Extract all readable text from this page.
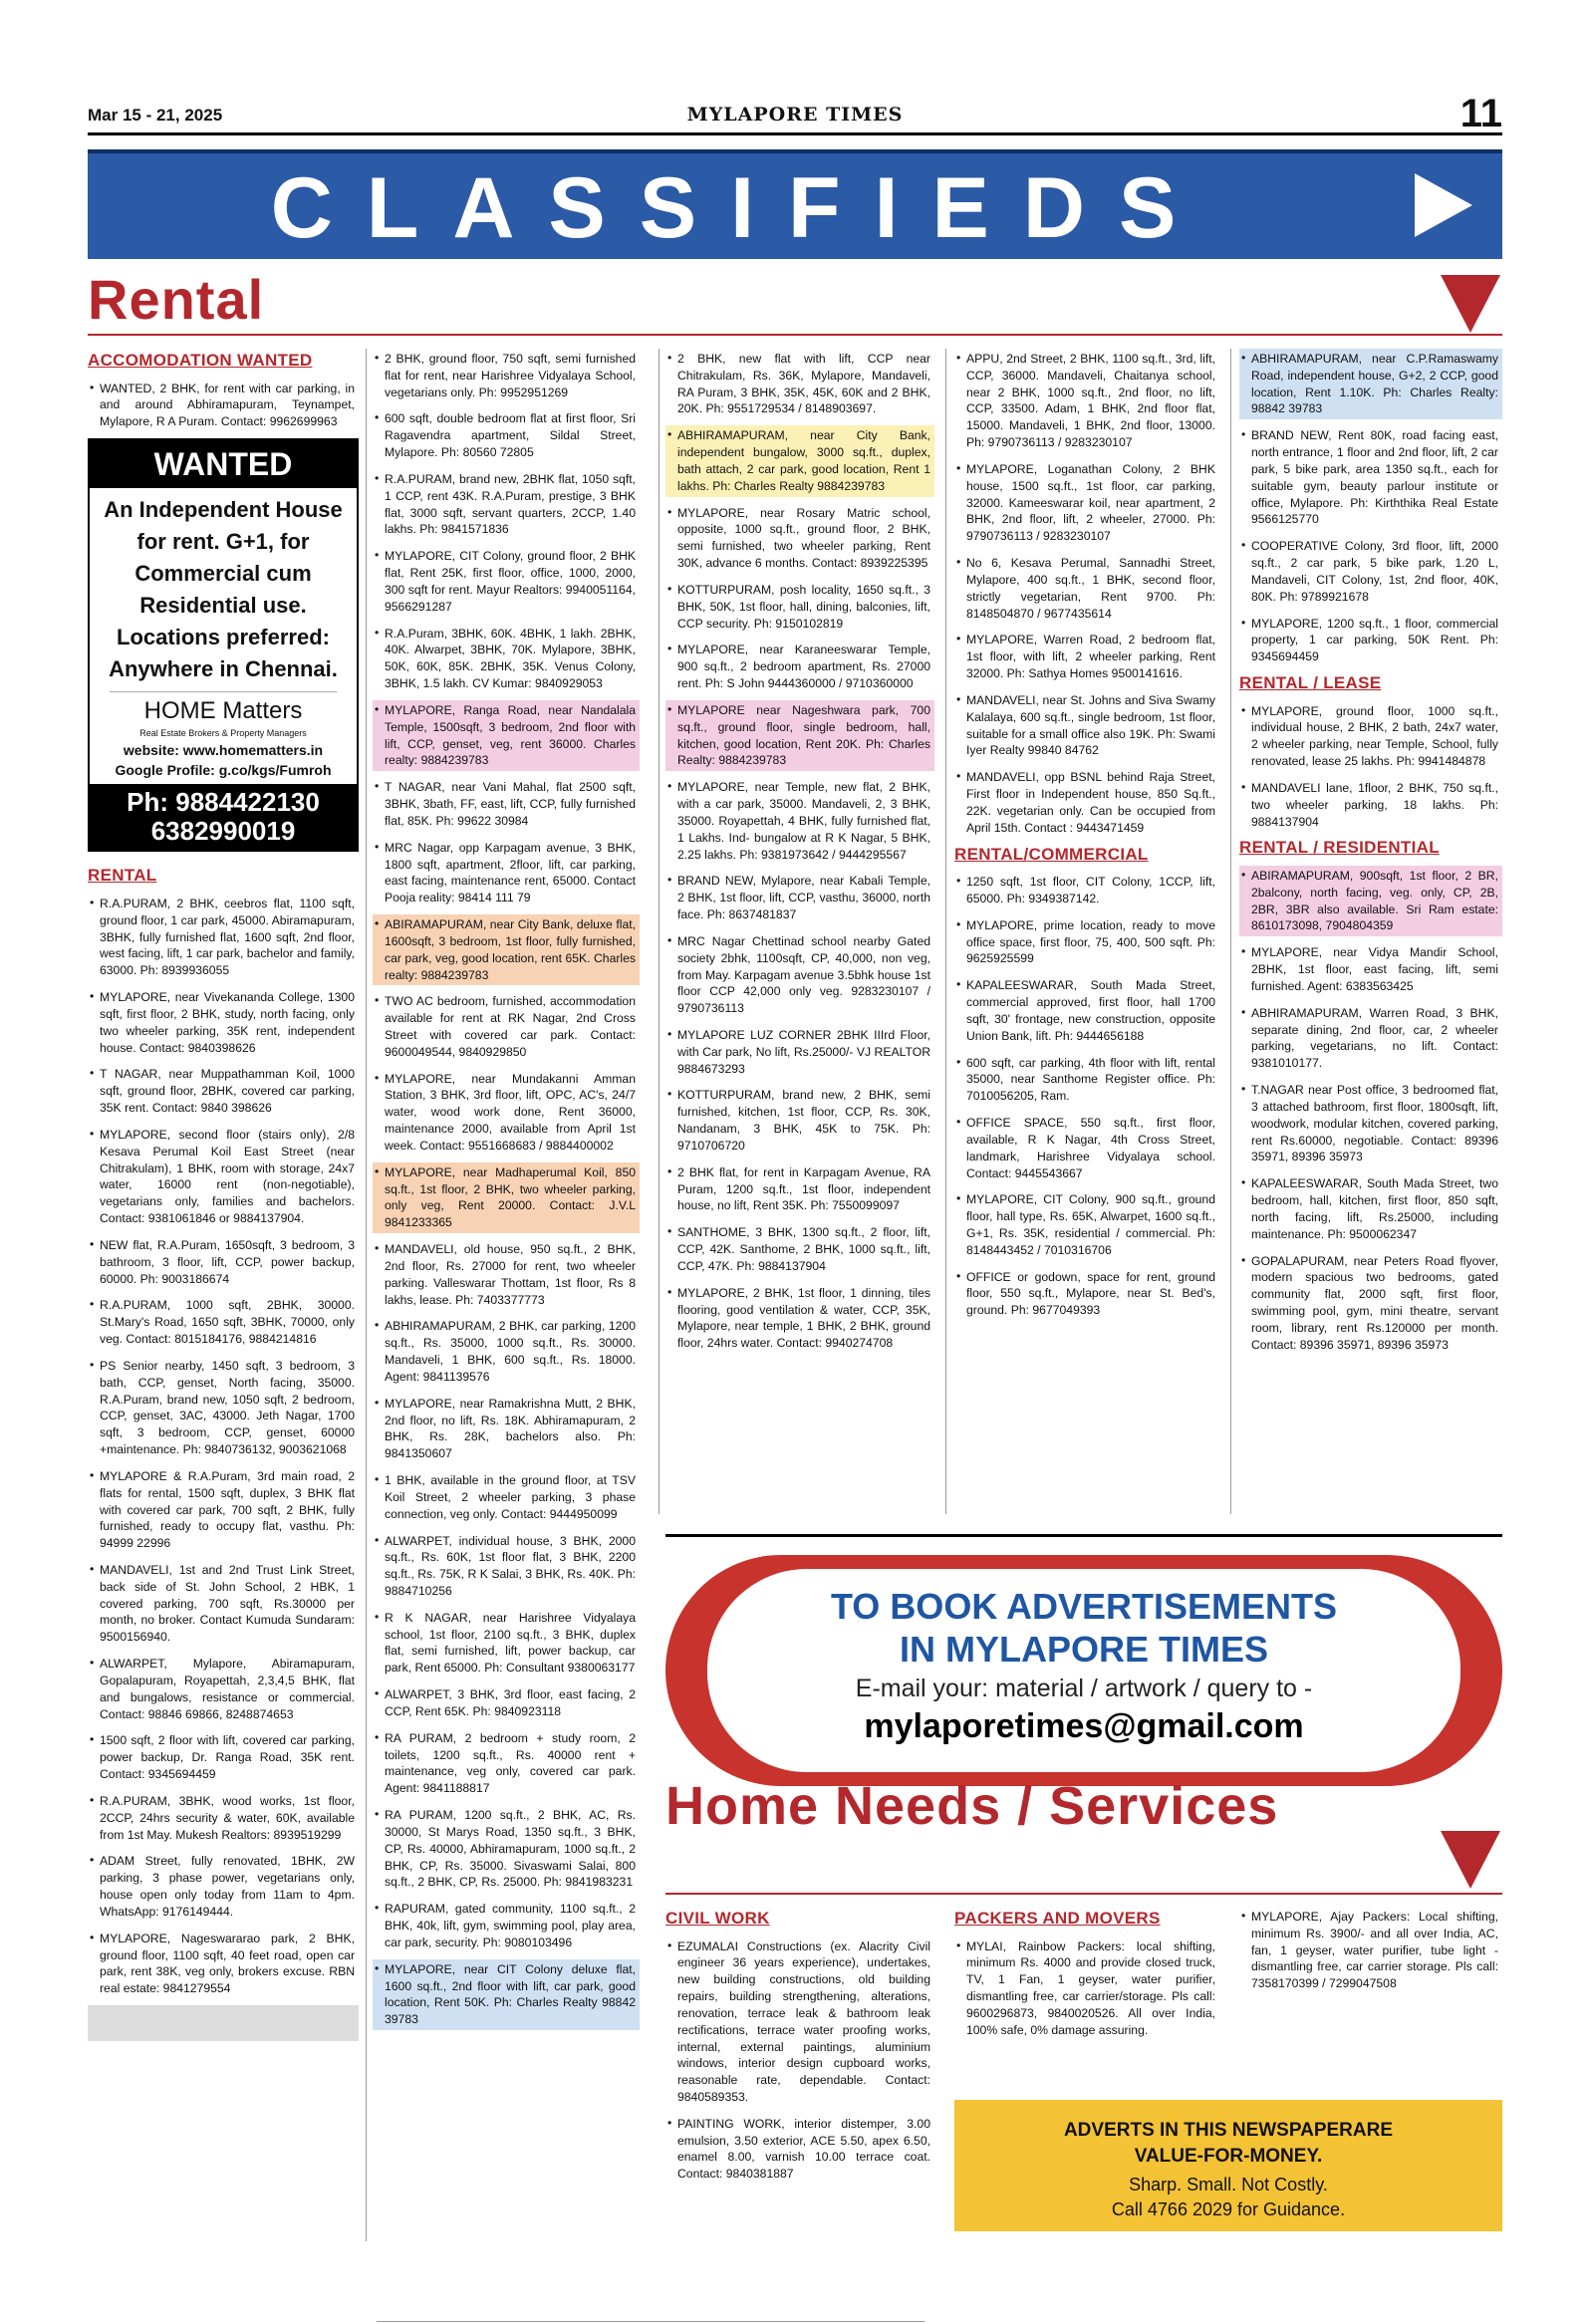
Mar 15 - 21, 2025	MYLAPORE TIMES	11
CLASSIFIEDS
Rental
ACCOMODATION WANTED
• WANTED, 2 BHK, for rent with car parking, in and around Abhiramapuram, Teynampet, Mylapore, R A Puram. Contact: 9962699963
WANTED
An Independent House for rent. G+1, for Commercial cum Residential use. Locations preferred: Anywhere in Chennai.
HOME Matters
Real Estate Brokers & Property Managers
website: www.homematters.in
Google Profile: g.co/kgs/Fumroh
Ph: 9884422130
6382990019
RENTAL
• R.A.PURAM, 2 BHK, ceebros flat, 1100 sqft, ground floor, 1 car park, 45000. Abiramapuram, 3BHK, fully furnished flat, 1600 sqft, 2nd floor, west facing, lift, 1 car park, bachelor and family, 63000. Ph: 8939936055
• MYLAPORE, near Vivekananda College, 1300 sqft, first floor, 2 BHK, study, north facing, only two wheeler parking, 35K rent, independent house. Contact: 9840398626
• T NAGAR, near Muppathamman Koil, 1000 sqft, ground floor, 2BHK, covered car parking, 35K rent. Contact: 9840 398626
• MYLAPORE, second floor (stairs only), 2/8 Kesava Perumal Koil East Street (near Chitrakulam), 1 BHK, room with storage, 24x7 water, 16000 rent (non-negotiable), vegetarians only, families and bachelors. Contact: 9381061846 or 9884137904.
• NEW flat, R.A.Puram, 1650sqft, 3 bedroom, 3 bathroom, 3 floor, lift, CCP, power backup, 60000. Ph: 9003186674
• R.A.PURAM, 1000 sqft, 2BHK, 30000. St.Mary's Road, 1650 sqft, 3BHK, 70000, only veg. Contact: 8015184176, 9884214816
• PS Senior nearby, 1450 sqft, 3 bedroom, 3 bath, CCP, genset, North facing, 35000. R.A.Puram, brand new, 1050 sqft, 2 bedroom, CCP, genset, 3AC, 43000. Jeth Nagar, 1700 sqft, 3 bedroom, CCP, genset, 60000 +maintenance. Ph: 9840736132, 9003621068
• MYLAPORE & R.A.Puram, 3rd main road, 2 flats for rental, 1500 sqft, duplex, 3 BHK flat with covered car park, 700 sqft, 2 BHK, fully furnished, ready to occupy flat, vasthu. Ph: 94999 22996
• MANDAVELI, 1st and 2nd Trust Link Street, back side of St. John School, 2 HBK, 1 covered parking, 700 sqft, Rs.30000 per month, no broker. Contact Kumuda Sundaram: 9500156940.
• ALWARPET, Mylapore, Abiramapuram, Gopalapuram, Royapettah, 2,3,4,5 BHK, flat and bungalows, resistance or commercial. Contact: 98846 69866, 8248874653
• 1500 sqft, 2 floor with lift, covered car parking, power backup, Dr. Ranga Road, 35K rent. Contact: 9345694459
• R.A.PURAM, 3BHK, wood works, 1st floor, 2CCP, 24hrs security & water, 60K, available from 1st May. Mukesh Realtors: 8939519299
• ADAM Street, fully renovated, 1BHK, 2W parking, 3 phase power, vegetarians only, house open only today from 11am to 4pm. WhatsApp: 9176149444.
• MYLAPORE, Nageswararao park, 2 BHK, ground floor, 1100 sqft, 40 feet road, open car park, rent 38K, veg only, brokers excuse. RBN real estate: 9841279554
• 2 BHK, ground floor, 750 sqft, semi furnished flat for rent, near Harishree Vidyalaya School, vegetarians only. Ph: 9952951269
• 600 sqft, double bedroom flat at first floor, Sri Ragavendra apartment, Sildal Street, Mylapore. Ph: 80560 72805
• R.A.PURAM, brand new, 2BHK flat, 1050 sqft, 1 CCP, rent 43K. R.A.Puram, prestige, 3 BHK flat, 3000 sqft, servant quarters, 2CCP, 1.40 lakhs. Ph: 9841571836
• MYLAPORE, CIT Colony, ground floor, 2 BHK flat, Rent 25K, first floor, office, 1000, 2000, 300 sqft for rent. Mayur Realtors: 9940051164, 9566291287
• R.A.Puram, 3BHK, 60K. 4BHK, 1 lakh. 2BHK, 40K. Alwarpet, 3BHK, 70K. Mylapore, 3BHK, 50K, 60K, 85K. 2BHK, 35K. Venus Colony, 3BHK, 1.5 lakh. CV Kumar: 9840929053
• MYLAPORE, Ranga Road, near Nandalala Temple, 1500sqft, 3 bedroom, 2nd floor with lift, CCP, genset, veg, rent 36000. Charles realty: 9884239783
• T NAGAR, near Vani Mahal, flat 2500 sqft, 3BHK, 3bath, FF, east, lift, CCP, fully furnished flat, 85K. Ph: 99622 30984
• MRC Nagar, opp Karpagam avenue, 3 BHK, 1800 sqft, apartment, 2floor, lift, car parking, east facing, maintenance rent, 65000. Contact Pooja reality: 98414 111 79
• ABIRAMAPURAM, near City Bank, deluxe flat, 1600sqft, 3 bedroom, 1st floor, fully furnished, car park, veg, good location, rent 65K. Charles realty: 9884239783
• TWO AC bedroom, furnished, accommodation available for rent at RK Nagar, 2nd Cross Street with covered car park. Contact: 9600049544, 9840929850
• MYLAPORE, near Mundakanni Amman Station, 3 BHK, 3rd floor, lift, OPC, AC's, 24/7 water, wood work done, Rent 36000, maintenance 2000, available from April 1st week. Contact: 9551668683 / 9884400002
• MYLAPORE, near Madhaperumal Koil, 850 sq.ft., 1st floor, 2 BHK, two wheeler parking, only veg, Rent 20000. Contact: J.V.L 9841233365
• MANDAVELI, old house, 950 sq.ft., 2 BHK, 2nd floor, Rs. 27000 for rent, two wheeler parking. Valleswarar Thottam, 1st floor, Rs 8 lakhs, lease. Ph: 7403377773
• ABHIRAMAPURAM, 2 BHK, car parking, 1200 sq.ft., Rs. 35000, 1000 sq.ft., Rs. 30000. Mandaveli, 1 BHK, 600 sq.ft., Rs. 18000. Agent: 9841139576
• MYLAPORE, near Ramakrishna Mutt, 2 BHK, 2nd floor, no lift, Rs. 18K. Abhiramapuram, 2 BHK, Rs. 28K, bachelors also. Ph: 9841350607
• 1 BHK, available in the ground floor, at TSV Koil Street, 2 wheeler parking, 3 phase connection, veg only. Contact: 9444950099
• ALWARPET, individual house, 3 BHK, 2000 sq.ft., Rs. 60K, 1st floor flat, 3 BHK, 2200 sq.ft., Rs. 75K, R K Salai, 3 BHK, Rs. 40K. Ph: 9884710256
• R K NAGAR, near Harishree Vidyalaya school, 1st floor, 2100 sq.ft., 3 BHK, duplex flat, semi furnished, lift, power backup, car park, Rent 65000. Ph: Consultant 9380063177
• ALWARPET, 3 BHK, 3rd floor, east facing, 2 CCP, Rent 65K. Ph: 9840923118
• RA PURAM, 2 bedroom + study room, 2 toilets, 1200 sq.ft., Rs. 40000 rent + maintenance, veg only, covered car park. Agent: 9841188817
• RA PURAM, 1200 sq.ft., 2 BHK, AC, Rs. 30000, St Marys Road, 1350 sq.ft., 3 BHK, CP, Rs. 40000, Abhiramapuram, 1000 sq.ft., 2 BHK, CP, Rs. 35000. Sivaswami Salai, 800 sq.ft., 2 BHK, CP, Rs. 25000. Ph: 9841983231
• RAPURAM, gated community, 1100 sq.ft., 2 BHK, 40k, lift, gym, swimming pool, play area, car park, security. Ph: 9080103496
• MYLAPORE, near CIT Colony deluxe flat, 1600 sq.ft., 2nd floor with lift, car park, good location, Rent 50K. Ph: Charles Realty 98842 39783
• 2 BHK, new flat with lift, CCP near Chitrakulam, Rs. 36K, Mylapore, Mandaveli, RA Puram, 3 BHK, 35K, 45K, 60K and 2 BHK, 20K. Ph: 9551729534 / 8148903697.
• ABHIRAMAPURAM, near City Bank, independent bungalow, 3000 sq.ft., duplex, bath attach, 2 car park, good location, Rent 1 lakhs. Ph: Charles Realty 9884239783
• MYLAPORE, near Rosary Matric school, opposite, 1000 sq.ft., ground floor, 2 BHK, semi furnished, two wheeler parking, Rent 30K, advance 6 months. Contact: 8939225395
• KOTTURPURAM, posh locality, 1650 sq.ft., 3 BHK, 50K, 1st floor, hall, dining, balconies, lift, CCP security. Ph: 9150102819
• MYLAPORE, near Karaneeswarar Temple, 900 sq.ft., 2 bedroom apartment, Rs. 27000 rent. Ph: S John 9444360000 / 9710360000
• MYLAPORE near Nageshwara park, 700 sq.ft., ground floor, single bedroom, hall, kitchen, good location, Rent 20K. Ph: Charles Realty: 9884239783
• MYLAPORE, near Temple, new flat, 2 BHK, with a car park, 35000. Mandaveli, 2, 3 BHK, 35000. Royapettah, 4 BHK, fully furnished flat, 1 Lakhs. Ind- bungalow at R K Nagar, 5 BHK, 2.25 lakhs. Ph: 9381973642 / 9444295567
• BRAND NEW, Mylapore, near Kabali Temple, 2 BHK, 1st floor, lift, CCP, vasthu, 36000, north face. Ph: 8637481837
• MRC Nagar Chettinad school nearby Gated society 2bhk, 1100sqft, CP, 40,000, non veg, from May. Karpagam avenue 3.5bhk house 1st floor CCP 42,000 only veg. 9283230107 / 9790736113
• MYLAPORE LUZ CORNER 2BHK IIIrd Floor, with Car park, No lift, Rs.25000/- VJ REALTOR 9884673293
• KOTTURPURAM, brand new, 2 BHK, semi furnished, kitchen, 1st floor, CCP, Rs. 30K, Nandanam, 3 BHK, 45K to 75K. Ph: 9710706720
• 2 BHK flat, for rent in Karpagam Avenue, RA Puram, 1200 sq.ft., 1st floor, independent house, no lift, Rent 35K. Ph: 7550099097
• SANTHOME, 3 BHK, 1300 sq.ft., 2 floor, lift, CCP, 42K. Santhome, 2 BHK, 1000 sq.ft., lift, CCP, 47K. Ph: 9884137904
• MYLAPORE, 2 BHK, 1st floor, 1 dinning, tiles flooring, good ventilation & water, CCP, 35K, Mylapore, near temple, 1 BHK, 2 BHK, ground floor, 24hrs water. Contact: 9940274708
• APPU, 2nd Street, 2 BHK, 1100 sq.ft., 3rd, lift, CCP, 36000. Mandaveli, Chaitanya school, near 2 BHK, 1000 sq.ft., 2nd floor, no lift, CCP, 33500. Adam, 1 BHK, 2nd floor flat, 15000. Mandaveli, 1 BHK, 2nd floor, 13000. Ph: 9790736113 / 9283230107
• MYLAPORE, Loganathan Colony, 2 BHK house, 1500 sq.ft., 1st floor, car parking, 32000. Kameeswarar koil, near apartment, 2 BHK, 2nd floor, lift, 2 wheeler, 27000. Ph: 9790736113 / 9283230107
• No 6, Kesava Perumal, Sannadhi Street, Mylapore, 400 sq.ft., 1 BHK, second floor, strictly vegetarian, Rent 9700. Ph: 8148504870 / 9677435614
• MYLAPORE, Warren Road, 2 bedroom flat, 1st floor, with lift, 2 wheeler parking, Rent 32000. Ph: Sathya Homes 9500141616.
• MANDAVELI, near St. Johns and Siva Swamy Kalalaya, 600 sq.ft., single bedroom, 1st floor, suitable for a small office also 19K. Ph: Swami Iyer Realty 99840 84762
• MANDAVELI, opp BSNL behind Raja Street, First floor in Independent house, 850 Sq.ft., 22K. vegetarian only. Can be occupied from April 15th. Contact : 9443471459
RENTAL/COMMERCIAL
• 1250 sqft, 1st floor, CIT Colony, 1CCP, lift, 65000. Ph: 9349387142.
• MYLAPORE, prime location, ready to move office space, first floor, 75, 400, 500 sqft. Ph: 9625925599
• KAPALEESWARAR, South Mada Street, commercial approved, first floor, hall 1700 sqft, 30' frontage, new construction, opposite Union Bank, lift. Ph: 9444656188
• 600 sqft, car parking, 4th floor with lift, rental 35000, near Santhome Register office. Ph: 7010056205, Ram.
• OFFICE SPACE, 550 sq.ft., first floor, available, R K Nagar, 4th Cross Street, landmark, Harishree Vidyalaya school. Contact: 9445543667
• MYLAPORE, CIT Colony, 900 sq.ft., ground floor, hall type, Rs. 65K, Alwarpet, 1600 sq.ft., G+1, Rs. 35K, residential / commercial. Ph: 8148443452 / 7010316706
• OFFICE or godown, space for rent, ground floor, 550 sq.ft., Mylapore, near St. Bed's, ground. Ph: 9677049393
• ABHIRAMAPURAM, near C.P.Ramaswamy Road, independent house, G+2, 2 CCP, good location, Rent 1.10K. Ph: Charles Realty: 98842 39783
• BRAND NEW, Rent 80K, road facing east, north entrance, 1 floor and 2nd floor, lift, 2 car park, 5 bike park, area 1350 sq.ft., each for suitable gym, beauty parlour institute or office, Mylapore. Ph: Kirththika Real Estate 9566125770
• COOPERATIVE Colony, 3rd floor, lift, 2000 sq.ft., 2 car park, 5 bike park, 1.20 L, Mandaveli, CIT Colony, 1st, 2nd floor, 40K, 80K. Ph: 9789921678
• MYLAPORE, 1200 sq.ft., 1 floor, commercial property, 1 car parking, 50K Rent. Ph: 9345694459
RENTAL / LEASE
• MYLAPORE, ground floor, 1000 sq.ft., individual house, 2 BHK, 2 bath, 24x7 water, 2 wheeler parking, near Temple, School, fully renovated, lease 25 lakhs. Ph: 9941484878
• MANDAVELI lane, 1floor, 2 BHK, 750 sq.ft., two wheeler parking, 18 lakhs. Ph: 9884137904
RENTAL / RESIDENTIAL
• ABIRAMAPURAM, 900sqft, 1st floor, 2 BR, 2balcony, north facing, veg. only, CP, 2B, 2BR, 3BR also available. Sri Ram estate: 8610173098, 7904804359
• MYLAPORE, near Vidya Mandir School, 2BHK, 1st floor, east facing, lift, semi furnished. Agent: 6383563425
• ABHIRAMAPURAM, Warren Road, 3 BHK, separate dining, 2nd floor, car, 2 wheeler parking, vegetarians, no lift. Contact: 9381010177.
• T.NAGAR near Post office, 3 bedroomed flat, 3 attached bathroom, first floor, 1800sqft, lift, woodwork, modular kitchen, covered parking, rent Rs.60000, negotiable. Contact: 89396 35971, 89396 35973
• KAPALEESWARAR, South Mada Street, two bedroom, hall, kitchen, first floor, 850 sqft, north facing, lift, Rs.25000, including maintenance. Ph: 9500062347
• GOPALAPURAM, near Peters Road flyover, modern spacious two bedrooms, gated community flat, 2000 sqft, first floor, swimming pool, gym, mini theatre, servant room, library, rent Rs.120000 per month. Contact: 89396 35971, 89396 35973
TO BOOK ADVERTISEMENTS
IN MYLAPORE TIMES
E-mail your: material / artwork / query to -
mylaporetimes@gmail.com
Home Needs / Services
CIVIL WORK
• EZUMALAI Constructions (ex. Alacrity Civil engineer 36 years experience), undertakes, new building constructions, old building repairs, building strengthening, alterations, renovation, terrace leak & bathroom leak rectifications, terrace water proofing works, internal, external paintings, aluminium windows, interior design cupboard works, reasonable rate, dependable. Contact: 9840589353.
• PAINTING WORK, interior distemper, 3.00 emulsion, 3.50 exterior, ACE 5.50, apex 6.50, enamel 8.00, varnish 10.00 terrace coat. Contact: 9840381887
PACKERS AND MOVERS
• MYLAI, Rainbow Packers: local shifting, minimum Rs. 4000 and provide closed truck, TV, 1 Fan, 1 geyser, water purifier, dismantling free, car carrier/storage. Pls call: 9600296873, 9840020526. All over India, 100% safe, 0% damage assuring.
• MYLAPORE, Ajay Packers: Local shifting, minimum Rs. 3900/- and all over India, AC, fan, 1 geyser, water purifier, tube light - dismantling free, car carrier storage. Pls call: 7358170399 / 7299047508
ADVERTS IN THIS NEWSPAPERARE
VALUE-FOR-MONEY.
Sharp. Small. Not Costly.
Call 4766 2029 for Guidance.
